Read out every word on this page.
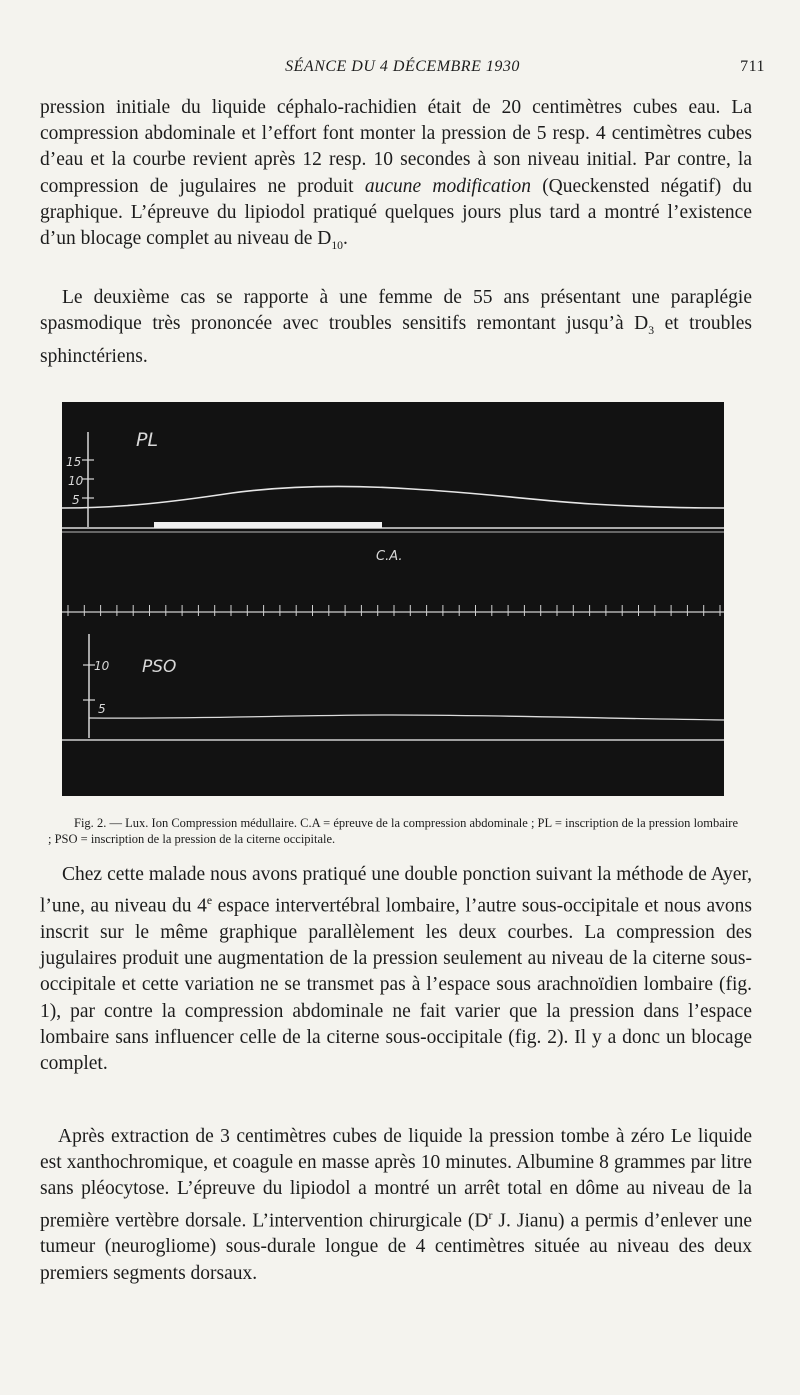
SÉANCE DU 4 DÉCEMBRE 1930	711

pression initiale du liquide céphalo-rachidien était de 20 centimètres cubes eau. La compression abdominale et l’effort font monter la pression de 5 resp. 4 centimètres cubes d’eau et la courbe revient après 12 resp. 10 secondes à son niveau initial. Par contre, la compression de jugulaires ne produit aucune modification (Queckensted négatif) du graphique. L’épreuve du lipiodol pratiqué quelques jours plus tard a montré l’existence d’un blocage complet au niveau de $D_{10}$.

Le deuxième cas se rapporte à une femme de 55 ans présentant une paraplégie spasmodique très prononcée avec troubles sensitifs remontant jusqu’à $D_3$ et troubles sphinctériens.

15
10
5
PL
C.A.
10
5
PSO

Fig. 2. — Lux. Ion Compression médullaire. C.A = épreuve de la compression abdominale ; PL = inscription de la pression lombaire ; PSO = inscription de la pression de la citerne occipitale.

Chez cette malade nous avons pratiqué une double ponction suivant la méthode de Ayer, l’une, au niveau du 4e espace intervertébral lombaire, l’autre sous-occipitale et nous avons inscrit sur le même graphique parallèlement les deux courbes. La compression des jugulaires produit une augmentation de la pression seulement au niveau de la citerne sous-occipitale et cette variation ne se transmet pas à l’espace sous arachnoïdien lombaire (fig. 1), par contre la compression abdominale ne fait varier que la pression dans l’espace lombaire sans influencer celle de la citerne sous-occipitale (fig. 2). Il y a donc un blocage complet.

Après extraction de 3 centimètres cubes de liquide la pression tombe à zéro Le liquide est xanthochromique, et coagule en masse après 10 minutes. Albumine 8 grammes par litre sans pléocytose. L’épreuve du lipiodol a montré un arrêt total en dôme au niveau de la première vertèbre dorsale. L’intervention chirurgicale ($D^r$ J. Jianu) a permis d’enlever une tumeur (neurogliome) sous-durale longue de 4 centimètres située au niveau des deux premiers segments dorsaux.
